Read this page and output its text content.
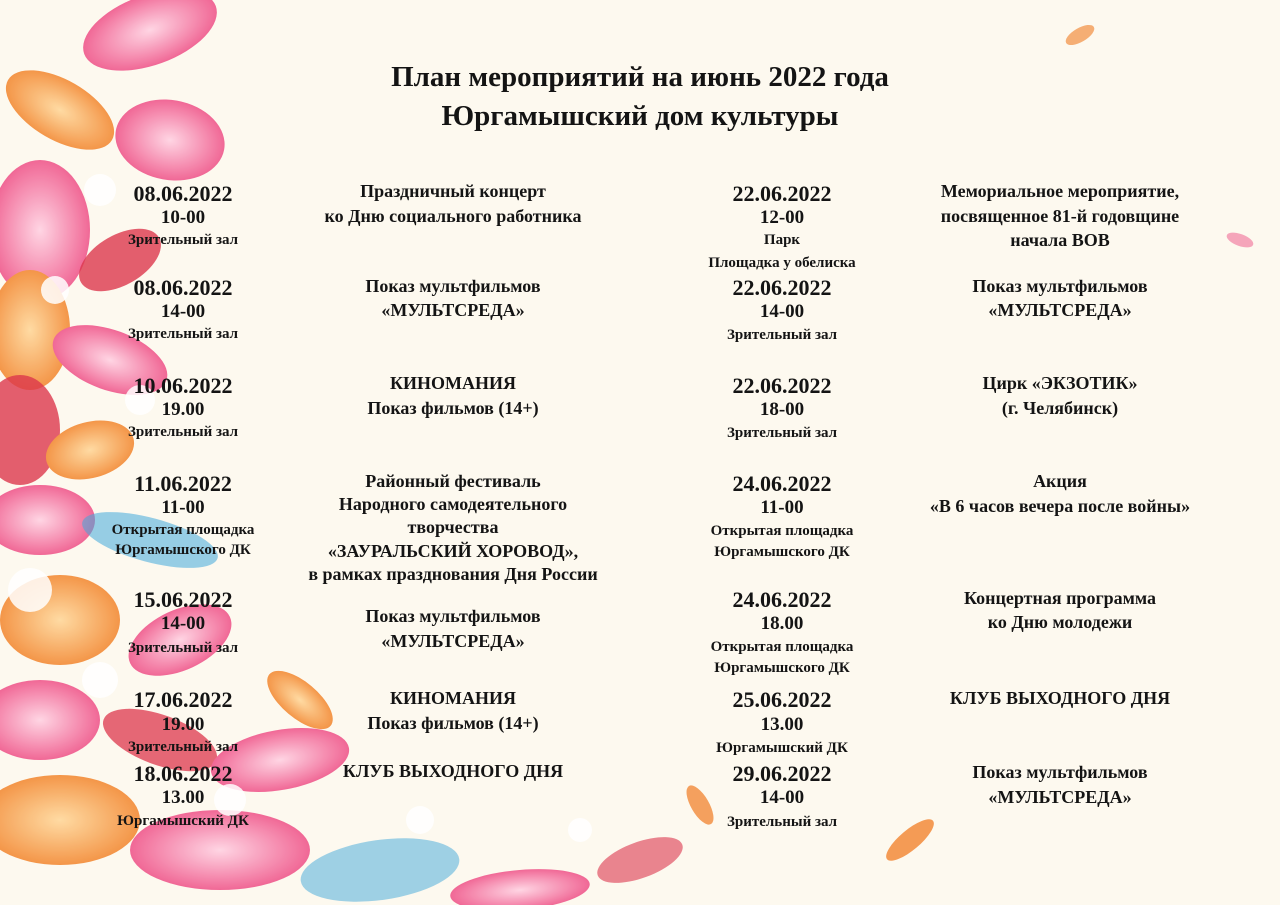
План мероприятий на июнь 2022 года
Юргамышский дом культуры
08.06.2022
10-00
Зрительный зал
Праздничный концерт
ко Дню социального работника
08.06.2022
14-00
Зрительный зал
Показ мультфильмов
«МУЛЬТСРЕДА»
10.06.2022
19.00
Зрительный зал
КИНОМАНИЯ
Показ фильмов (14+)
11.06.2022
11-00
Открытая площадка
Юргамышского ДК
Районный фестиваль
Народного самодеятельного
творчества
«ЗАУРАЛЬСКИЙ ХОРОВОД»,
в рамках празднования Дня России
15.06.2022
14-00
Зрительный зал
Показ мультфильмов
«МУЛЬТСРЕДА»
17.06.2022
19.00
Зрительный зал
КИНОМАНИЯ
Показ фильмов (14+)
18.06.2022
13.00
Юргамышский ДК
КЛУБ ВЫХОДНОГО ДНЯ
22.06.2022
12-00
Парк
Площадка у обелиска
Мемориальное мероприятие,
посвященное 81-й годовщине
начала ВОВ
22.06.2022
14-00
Зрительный зал
Показ мультфильмов
«МУЛЬТСРЕДА»
22.06.2022
18-00
Зрительный зал
Цирк «ЭКЗОТИК»
(г. Челябинск)
24.06.2022
11-00
Открытая площадка
Юргамышского ДК
Акция
«В 6 часов вечера после войны»
24.06.2022
18.00
Открытая площадка
Юргамышского ДК
Концертная программа
ко Дню молодежи
25.06.2022
13.00
Юргамышский ДК
КЛУБ ВЫХОДНОГО ДНЯ
29.06.2022
14-00
Зрительный зал
Показ мультфильмов
«МУЛЬТСРЕДА»
